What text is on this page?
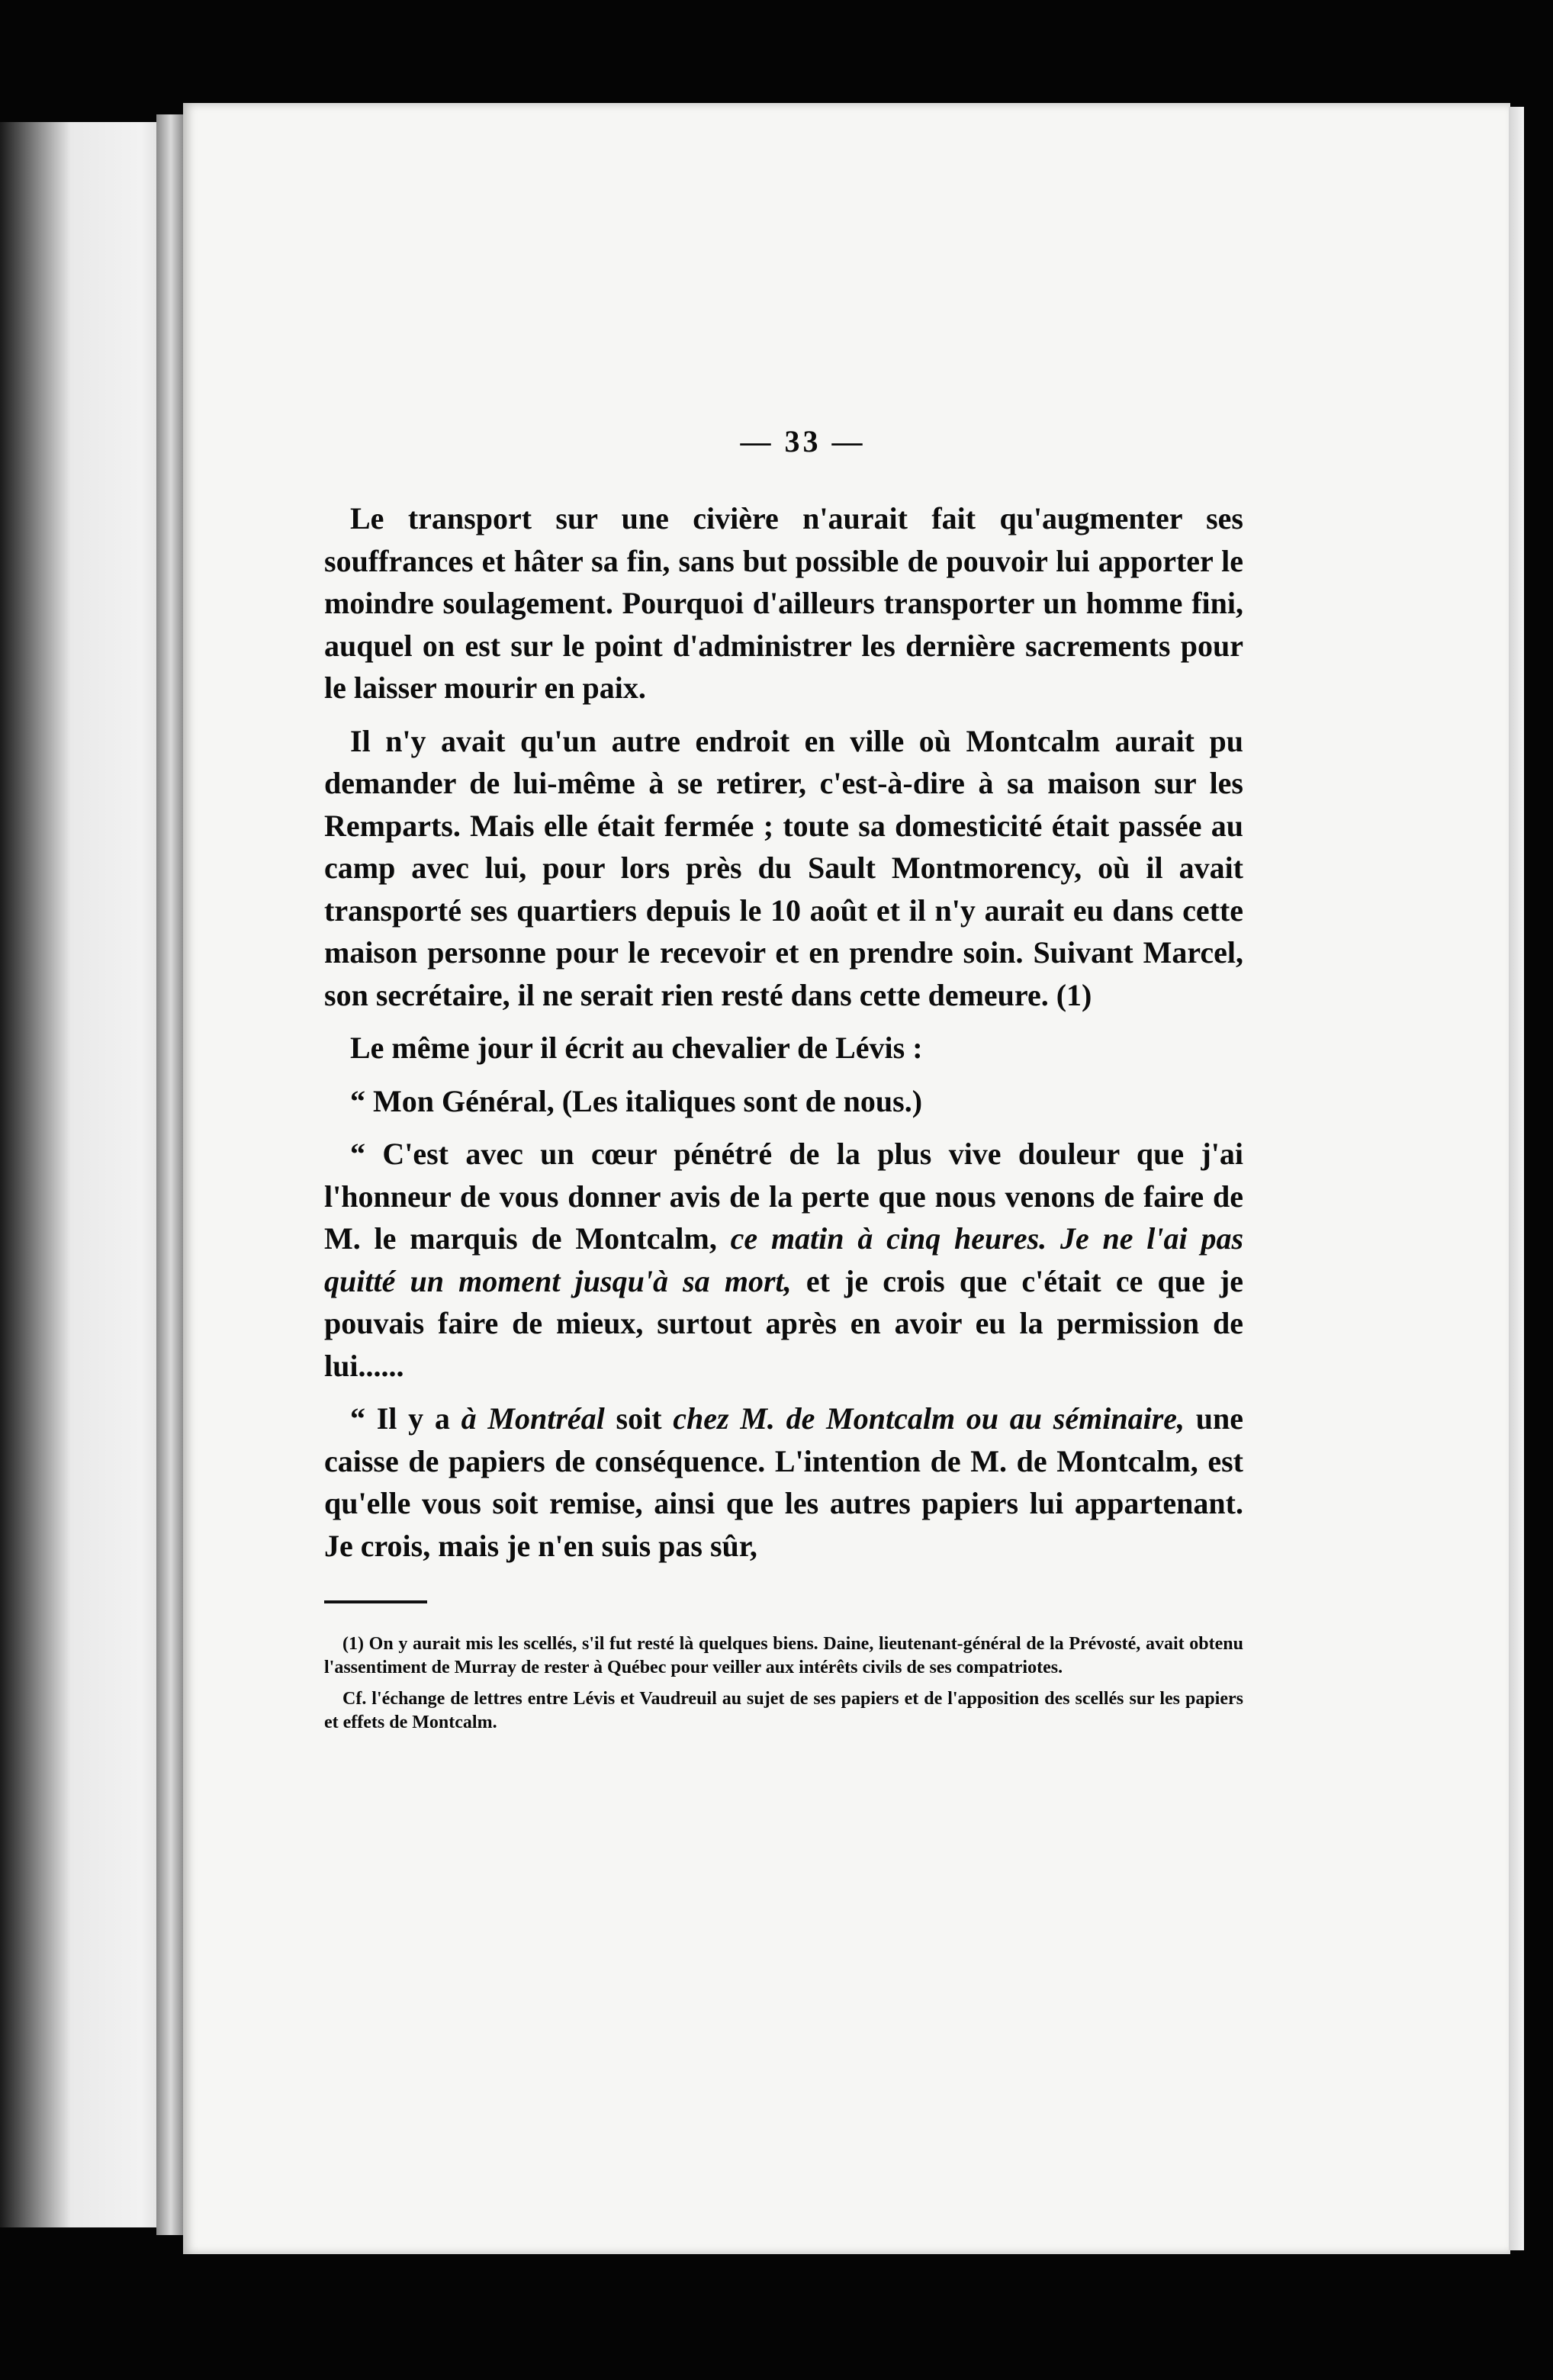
— 33 —

Le transport sur une civière n'aurait fait qu'augmenter ses souffrances et hâter sa fin, sans but possible de pouvoir lui apporter le moindre soulagement. Pourquoi d'ailleurs transporter un homme fini, auquel on est sur le point d'administrer les dernière sacrements pour le laisser mourir en paix.

Il n'y avait qu'un autre endroit en ville où Montcalm aurait pu demander de lui-même à se retirer, c'est-à-dire à sa maison sur les Remparts. Mais elle était fermée ; toute sa domesticité était passée au camp avec lui, pour lors près du Sault Montmorency, où il avait transporté ses quartiers depuis le 10 août et il n'y aurait eu dans cette maison personne pour le recevoir et en prendre soin. Suivant Marcel, son secrétaire, il ne serait rien resté dans cette demeure. (1)

Le même jour il écrit au chevalier de Lévis :

“ Mon Général, (Les italiques sont de nous.)

“ C'est avec un cœur pénétré de la plus vive douleur que j'ai l'honneur de vous donner avis de la perte que nous venons de faire de M. le marquis de Montcalm, ce matin à cinq heures. Je ne l'ai pas quitté un moment jusqu'à sa mort, et je crois que c'était ce que je pouvais faire de mieux, surtout après en avoir eu la permission de lui......

“ Il y a à Montréal soit chez M. de Montcalm ou au séminaire, une caisse de papiers de conséquence. L'intention de M. de Montcalm, est qu'elle vous soit remise, ainsi que les autres papiers lui appartenant. Je crois, mais je n'en suis pas sûr,

(1) On y aurait mis les scellés, s'il fut resté là quelques biens. Daine, lieutenant-général de la Prévosté, avait obtenu l'assentiment de Murray de rester à Québec pour veiller aux intérêts civils de ses compatriotes.

Cf. l'échange de lettres entre Lévis et Vaudreuil au sujet de ses papiers et de l'apposition des scellés sur les papiers et effets de Montcalm.
